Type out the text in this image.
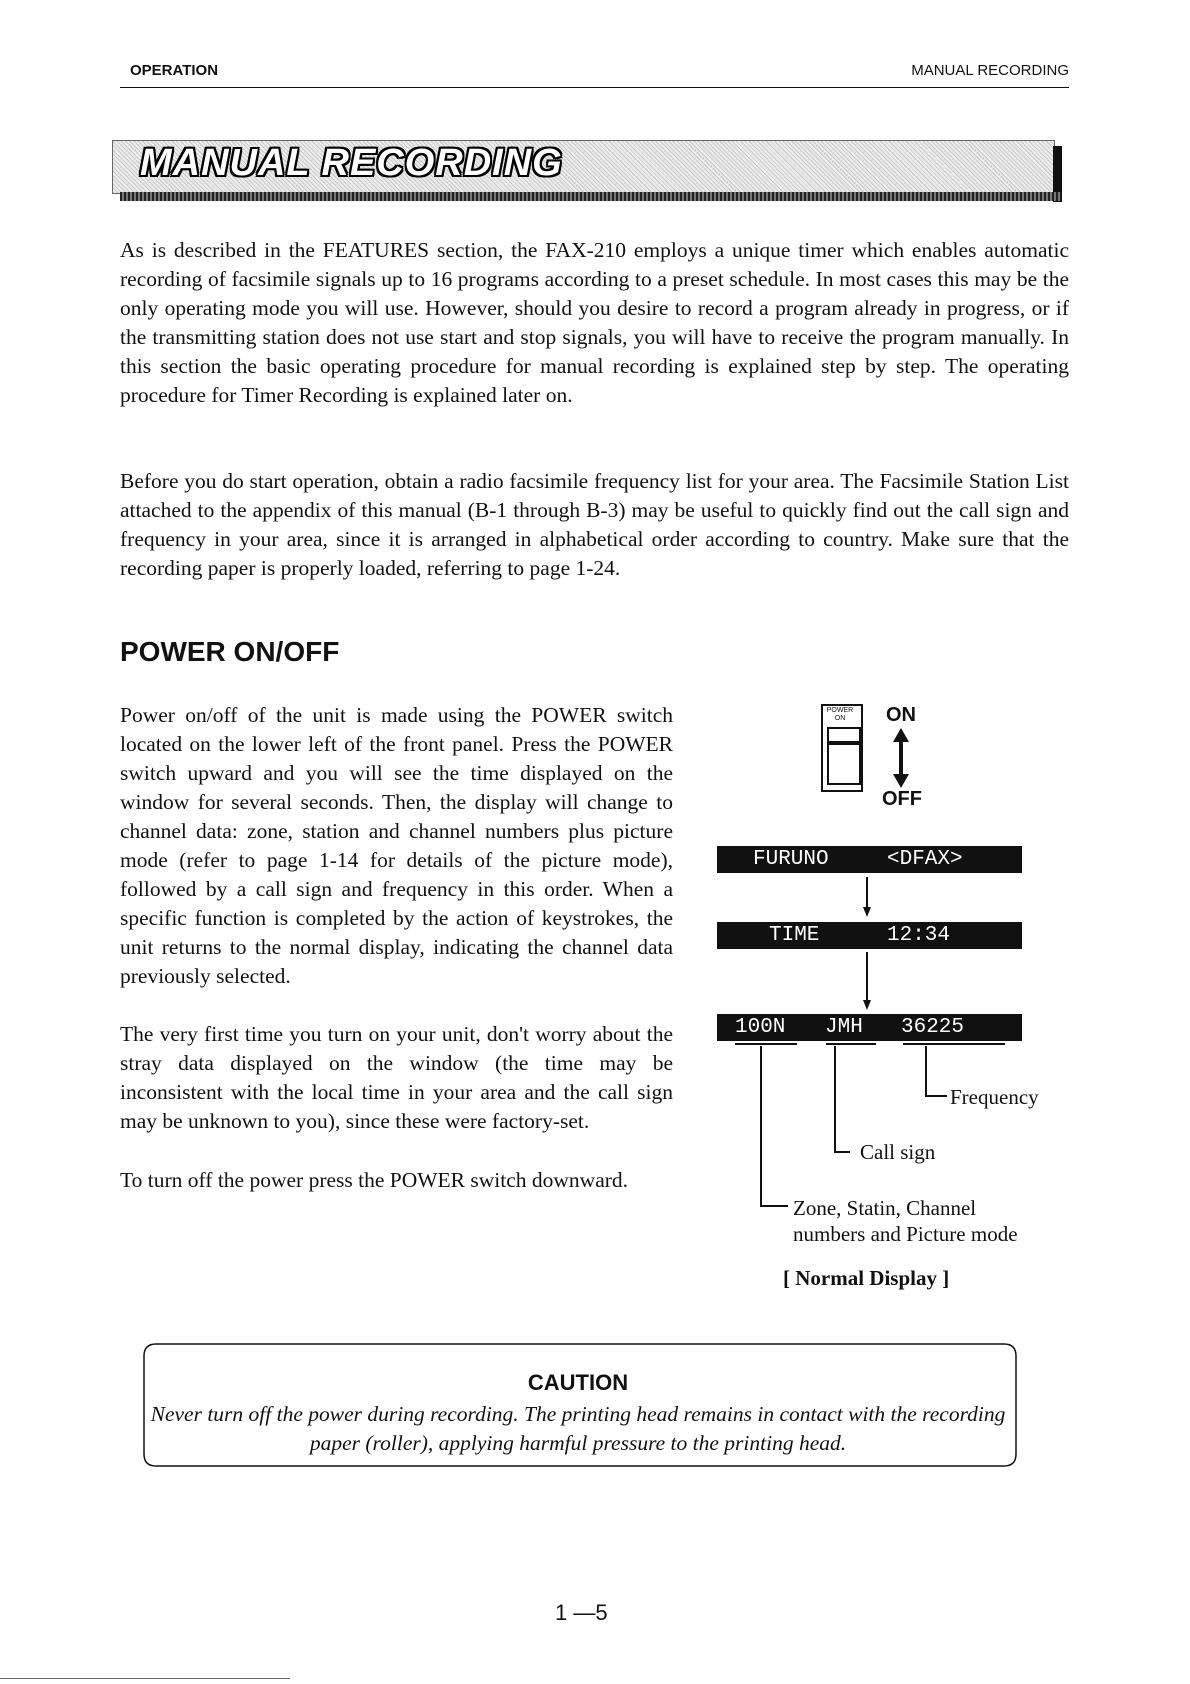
OPERATION	MANUAL RECORDING
MANUAL RECORDING
As is described in the FEATURES section, the FAX-210 employs a unique timer which enables automatic recording of facsimile signals up to 16 programs according to a preset schedule. In most cases this may be the only operating mode you will use. However, should you desire to record a program already in progress, or if the transmitting station does not use start and stop signals, you will have to receive the program manually. In this section the basic operating procedure for manual recording is explained step by step. The operating procedure for Timer Recording is explained later on.
Before you do start operation, obtain a radio facsimile frequency list for your area. The Facsimile Station List attached to the appendix of this manual (B-1 through B-3) may be useful to quickly find out the call sign and frequency in your area, since it is arranged in alphabetical order according to country. Make sure that the recording paper is properly loaded, referring to page 1-24.
POWER ON/OFF
Power on/off of the unit is made using the POWER switch located on the lower left of the front panel. Press the POWER switch upward and you will see the time displayed on the window for several seconds. Then, the display will change to channel data: zone, station and channel numbers plus picture mode (refer to page 1-14 for details of the picture mode), followed by a call sign and frequency in this order. When a specific function is completed by the action of keystrokes, the unit returns to the normal display, indicating the channel data previously selected.
The very first time you turn on your unit, don't worry about the stray data displayed on the window (the time may be inconsistent with the local time in your area and the call sign may be unknown to you), since these were factory-set.
To turn off the power press the POWER switch downward.
POWER
ON	ON
OFF
FURUNO	<DFAX>
TIME	12:34
100N JMH 36225
Frequency
Call sign
Zone, Statin, Channel
numbers and Picture mode
[ Normal Display ]
CAUTION
Never turn off the power during recording. The printing head remains in contact with the recording paper (roller), applying harmful pressure to the printing head.
1 —5
